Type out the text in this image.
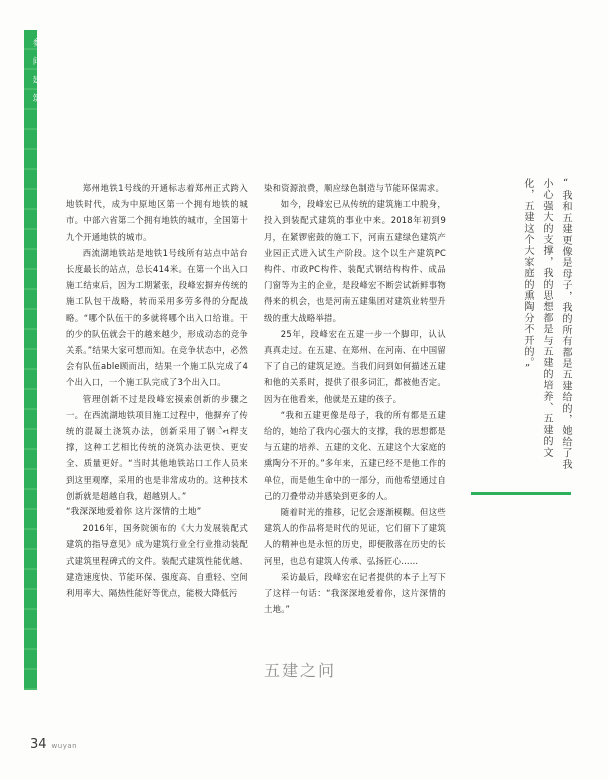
参 问 建 筑

郑州地铁1号线的开通标志着郑州正式跨入地铁时代，成为中原地区第一个拥有地铁的城市。中部六省第二个拥有地铁的城市，全国第十九个开通地铁的城市。

西流湖地铁站是地铁1号线所有站点中站台长度最长的站点，总长414米。在第一个出入口施工结束后，因为工期紧张，段峰宏摒弃传统的施工队包干战略，转而采用多劳多得的分配战略。“哪个队伍干的多就将哪个出入口给谁。干的少的队伍就会干的越来越少，形成动态的竞争关系。”结果大家可想而知。在竞争状态中，必然会有队伍able顾而出，结果一个施工队完成了4个出入口，一个施工队完成了3个出入口。

管理创新不过是段峰宏摸索创新的步骤之一。在西流湖地铁项目施工过程中，他摒弃了传统的混凝土浇筑办法，创新采用了钢ેન桿支撑，这种工艺相比传统的浇筑办法更快、更安全、质量更好。“当时其他地铁站口工作人员来到这里观摩，采用的也是非常成功的。这种技术创新就是超越自我，超越别人。”

“我深深地爱着你 这片深情的土地”

2016年，国务院颁布的《大力发展装配式建筑的指导意见》成为建筑行业全行业推动装配式建筑里程碑式的文件。装配式建筑性能优越、建造速度快、节能环保、强度高、自重轻、空间利用率大、隔热性能好等优点，能极大降低污

染和资源浪费，顺应绿色制造与节能环保需求。

如今，段峰宏已从传统的建筑施工中脱身，投入到装配式建筑的事业中来。2018年初到9月，在紧锣密鼓的施工下，河南五建绿色建筑产业园正式进入试生产阶段。这个以生产建筑PC构件、市政PC构件、装配式钢结构构件、成品门窗等为主的企业，是段峰宏不断尝试新鲜事物得来的机会，也是河南五建集团对建筑业转型升级的重大战略举措。

25年，段峰宏在五建一步一个脚印，认认真真走过。在五建、在郑州、在河南、在中国留下了自己的建筑足迹。当我们问到如何描述五建和他的关系时，提供了很多词汇，都被他否定。因为在他看来，他就是五建的孩子。

“我和五建更像是母子，我的所有都是五建给的，她给了我内心强大的支撑，我的思想都是与五建的培养、五建的文化、五建这个大家庭的熏陶分不开的。”多年来，五建已经不是他工作的单位，而是他生命中的一部分，而他希望通过自己的刀叠带动并感染到更多的人。

随着时光的推移，记忆会逐渐模糊。但这些建筑人的作品将是时代的见证，它们留下了建筑人的精神也是永恒的历史，即便散落在历史的长河里，也总有建筑人传承、弘扬匠心……

采访最后，段峰宏在记者提供的本子上写下了这样一句话：“我深深地爱着你，这片深情的土地。”

“我和五建更像是母子，我的所有都是五建给的，她给了我小心强大的支撑，我的思想都是与五建的培养、五建的文化，五建这个大家庭的熏陶分不开的。”
五建之问
34 wuyan
